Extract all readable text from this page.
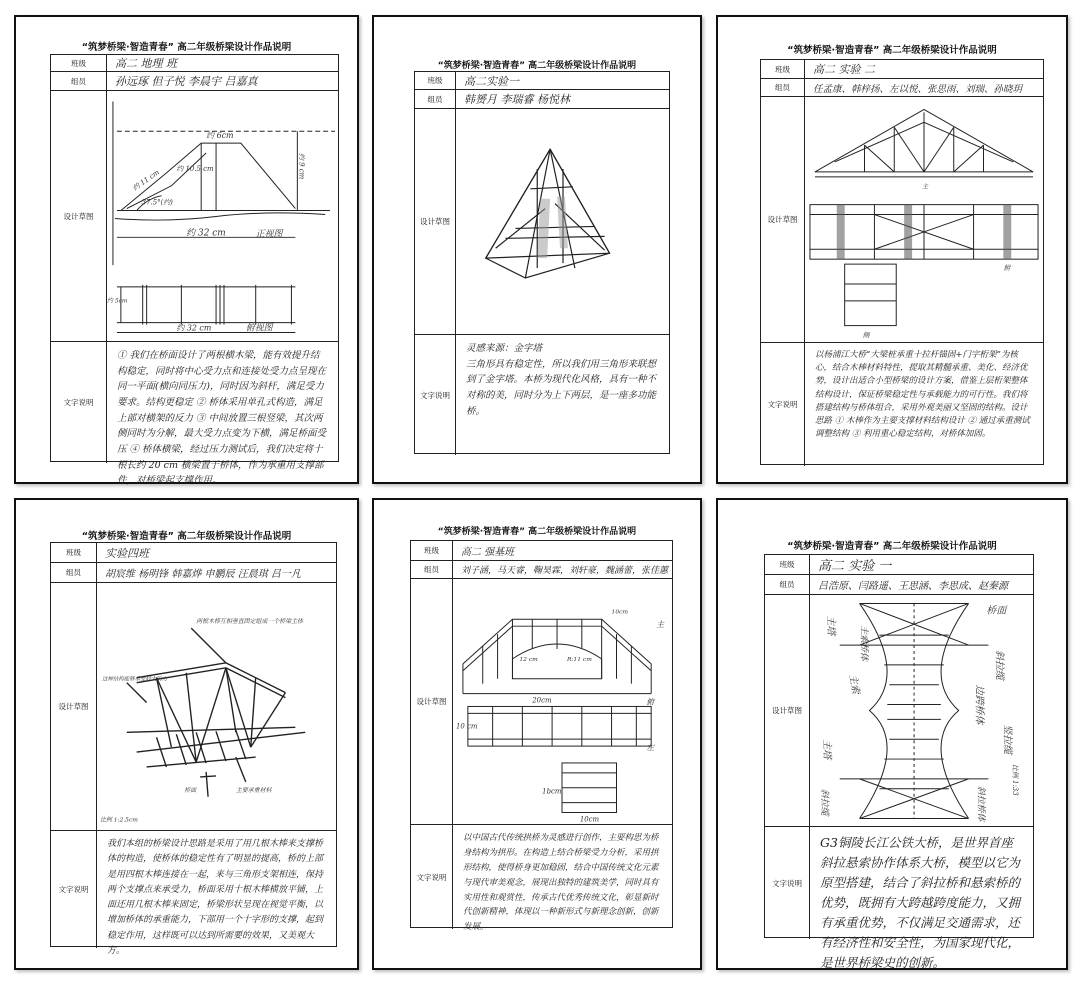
“筑梦桥梁·智造青春” 高二年级桥梁设计作品说明
班级	高二 地理 班
组员	孙远琢 但子悦 李晨宇 吕嘉真
设计草图
约 6cm
约 10.5 cm
约 11 cm
37.5°(约)
约 9 cm
约 32 cm	正视图
约 32 cm	俯视图
约 5cm
文字说明
① 我们在桥面设计了两根横木梁，能有效提升结构稳定，同时将中心受力点和连接处受力点呈现在同一平面(横向同压力)，同时因为斜杆，满足受力要求。结构更稳定 ② 桥体采用单孔式构造，满足上部对横架的反力 ③ 中间放置三根竖梁，其次两侧同时为分解，最大受力点变为下横，满足桥面受压 ④ 桥体横梁，经过压力测试后，我们决定将十根长约 20 cm 横梁置于桥体，作为承重用支撑部件，对桥梁起支撑作用。
“筑梦桥梁·智造青春” 高二年级桥梁设计作品说明
班级	高二实验一
组员	韩赟月 李瑞睿 杨悦林
设计草图
文字说明
灵感来源：金字塔
三角形具有稳定性，所以我们用三角形来联想到了金字塔。本桥为现代化风格，具有一种不对称的美，同时分为上下两层，是一座多功能桥。
“筑梦桥梁·智造青春” 高二年级桥梁设计作品说明
班级	高二 实验 二
组员	任孟康、韩梓扬、左以悦、张思雨、刘瑞、孙晓玥
设计草图
主
俯
侧
文字说明
以杨浦江大桥“大梁桩承重十拉杆锚固+门字桁架”为核心，结合木棒材料特性，提取其精髓承重、美化、经济优势，设计出适合小型桥梁的设计方案，借鉴上层桁架整体结构设计，保证桥梁稳定性与承载能力的可行性。我们将搭建结构与桥体组合，采用外观美丽又坚固的结构。设计思路 ① 木棒作为主要支撑材料结构设计 ② 通过承重测试调整结构 ③ 利用重心稳定结构，对桥体加固。
“筑梦桥梁·智造青春” 高二年级桥梁设计作品说明
班级	实验四班
组员	胡宸维 杨明锋 韩嘉烨 申鹏辰 汪晨琪 吕一凡
设计草图
两根木棒互相垂直固定组成一个桥梁主体
这种结构能够承受较大的力
桥面	主要承重材料
比例 1:2.5cm
文字说明
我们本组的桥梁设计思路是采用了用几根木棒来支撑桥体的构造，使桥体的稳定性有了明显的提高，桥的上部是用四根木棒连接在一起，来与三角形支架相连，保持两个支撑点来承受力，桥面采用十根木棒横放平铺，上面还用几根木棒来固定，桥梁形状呈现在视觉平衡，以增加桥体的承重能力，下部用一个十字形的支撑，起到稳定作用，这样既可以达到所需要的效果，又美观大方。
“筑梦桥梁·智造青春” 高二年级桥梁设计作品说明
班级	高二 强基班
组员	刘子涵，马天睿，鞠昊霖，刘轩豪，魏涵蕾，张佳蕙
设计草图
主
10cm
12 cm	R:11 cm
20cm	俯
10 cm
左
1bcm
10cm
文字说明
以中国古代传统拱桥为灵感进行创作，主要构思为桥身结构为拱形。在构造上结合桥梁受力分析，采用拱形结构，使得桥身更加稳固，结合中国传统文化元素与现代审美观念，展现出独特的建筑美学，同时具有实用性和观赏性，传承古代优秀传统文化，彰显新时代创新精神，体现以一种新形式与新理念创新，创新发展。
“筑梦桥梁·智造青春” 高二年级桥梁设计作品说明
班级	高二 实验 一
组员	吕浩原、闫路遥、王思涵、李思成、赵秦源
设计草图
主塔
桥面
斜拉缆
主索
边跨桥体
主索桥体
竖拉缆
主塔
斜拉缆
比例 1:33
斜拉桥体
文字说明
G3铜陵长江公铁大桥，是世界首座斜拉悬索协作体系大桥，模型以它为原型搭建，结合了斜拉桥和悬索桥的优势，既拥有大跨越跨度能力，又拥有承重优势，不仅满足交通需求，还有经济性和安全性，为国家现代化，是世界桥梁史的创新。
